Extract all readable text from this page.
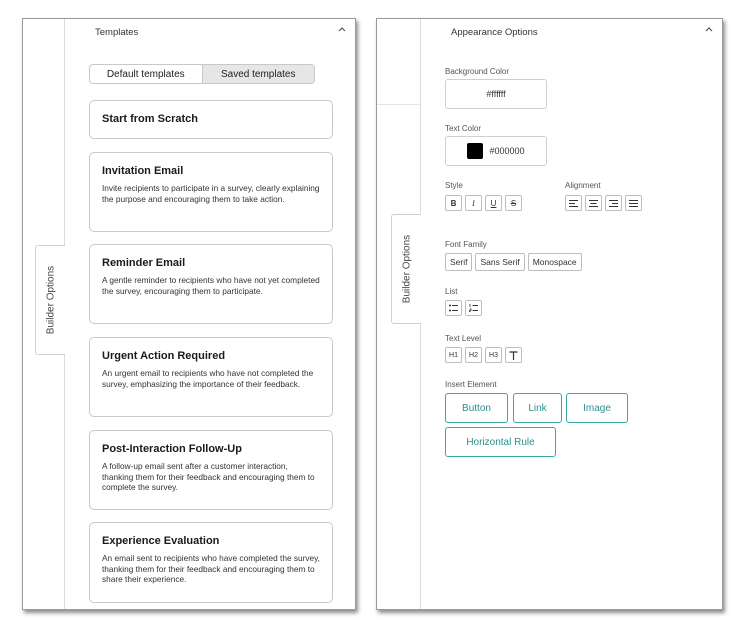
Builder Options
Templates
Default templates	Saved templates
Start from Scratch
Invitation Email
Invite recipients to participate in a survey, clearly explaining the purpose and encouraging them to take action.
Reminder Email
A gentle reminder to recipients who have not yet completed the survey, encouraging them to participate.
Urgent Action Required
An urgent email to recipients who have not completed the survey, emphasizing the importance of their feedback.
Post-Interaction Follow-Up
A follow-up email sent after a customer interaction, thanking them for their feedback and encouraging them to complete the survey.
Experience Evaluation
An email sent to recipients who have completed the survey, thanking them for their feedback and encouraging them to share their experience.
Builder Options
Appearance Options
Background Color
#ffffff
Text Color
#000000
Style
B	I	U	S
Alignment
Font Family
Serif	Sans Serif	Monospace
List
Text Level
H1	H2	H3
Insert Element
Button	Link	Image
Horizontal Rule
